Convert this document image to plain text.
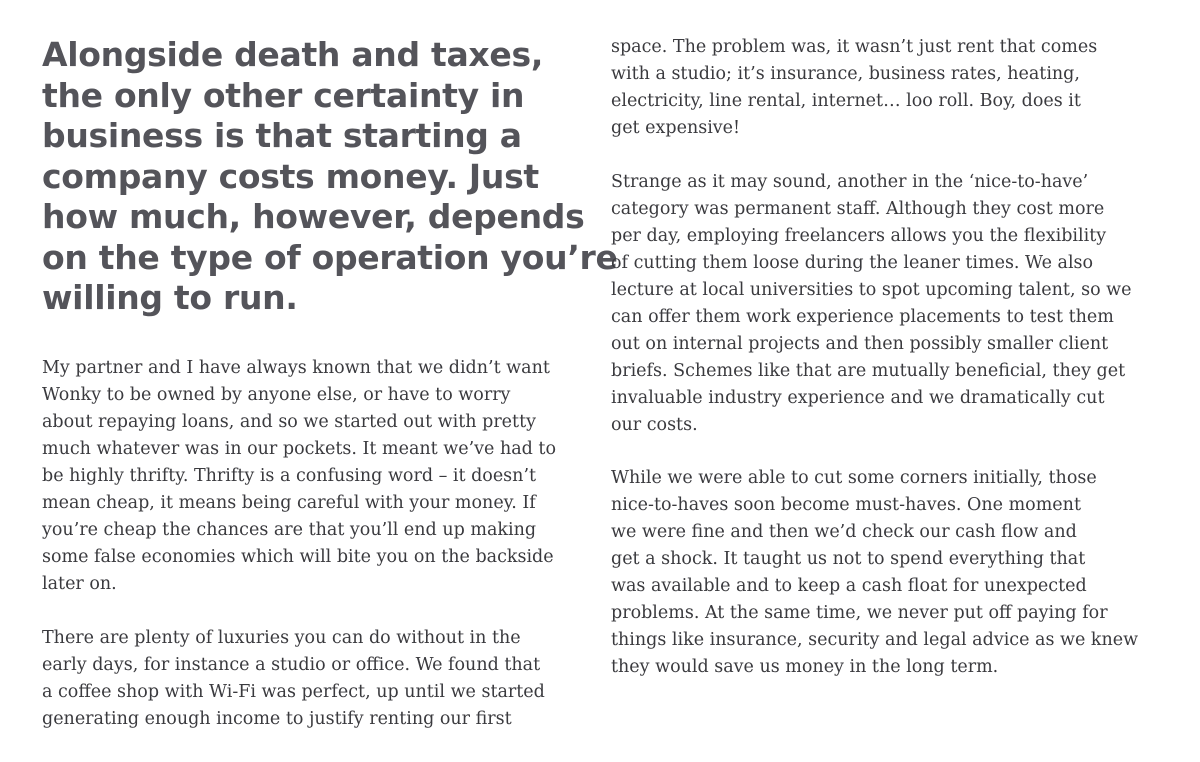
Alongside death and taxes,
the only other certainty in
business is that starting a
company costs money. Just
how much, however, depends
on the type of operation you’re
willing to run.

My partner and I have always known that we didn’t want
Wonky to be owned by anyone else, or have to worry
about repaying loans, and so we started out with pretty
much whatever was in our pockets. It meant we’ve had to
be highly thrifty. Thrifty is a confusing word – it doesn’t
mean cheap, it means being careful with your money. If
you’re cheap the chances are that you’ll end up making
some false economies which will bite you on the backside
later on.

There are plenty of luxuries you can do without in the
early days, for instance a studio or office. We found that
a coffee shop with Wi-Fi was perfect, up until we started
generating enough income to justify renting our first

space. The problem was, it wasn’t just rent that comes
with a studio; it’s insurance, business rates, heating,
electricity, line rental, internet… loo roll. Boy, does it
get expensive!

Strange as it may sound, another in the ‘nice-to-have’
category was permanent staff. Although they cost more
per day, employing freelancers allows you the flexibility
of cutting them loose during the leaner times. We also
lecture at local universities to spot upcoming talent, so we
can offer them work experience placements to test them
out on internal projects and then possibly smaller client
briefs. Schemes like that are mutually beneficial, they get
invaluable industry experience and we dramatically cut
our costs.

While we were able to cut some corners initially, those
nice-to-haves soon become must-haves. One moment
we were fine and then we’d check our cash flow and
get a shock. It taught us not to spend everything that
was available and to keep a cash float for unexpected
problems. At the same time, we never put off paying for
things like insurance, security and legal advice as we knew
they would save us money in the long term.
